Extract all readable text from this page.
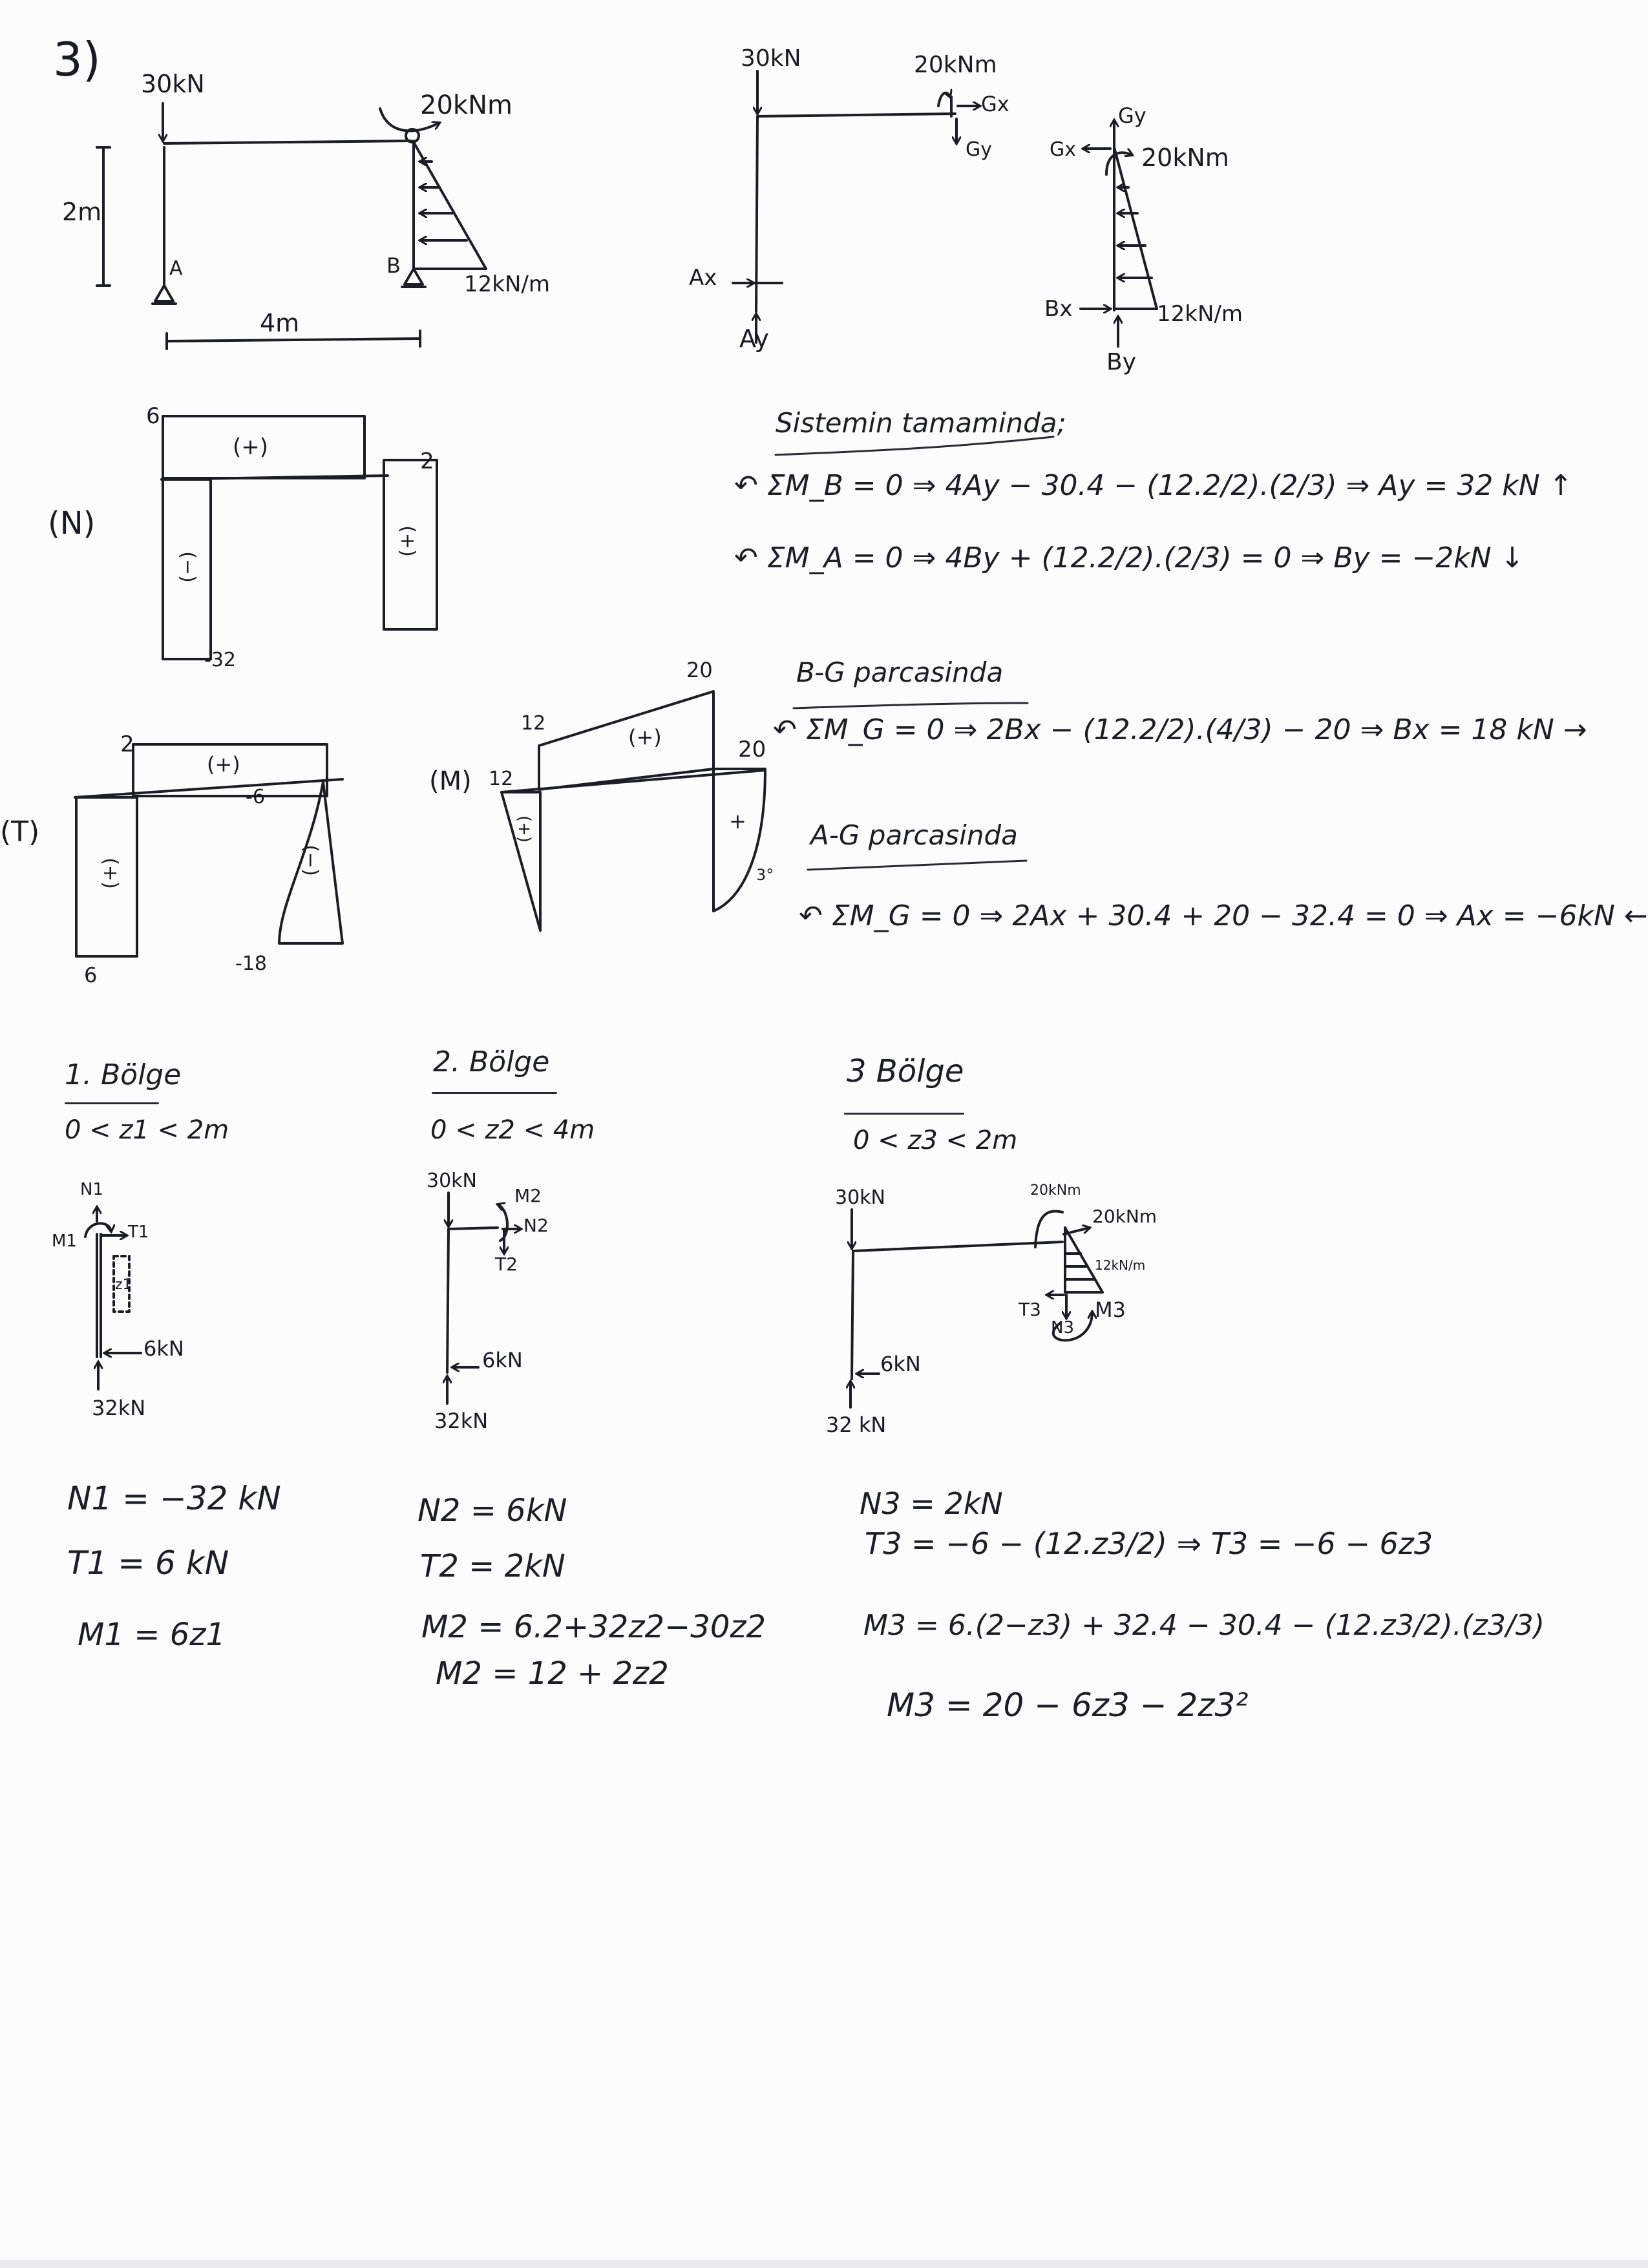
3) 30kN
20kNm
2m
4m
12kN/m
A	B
30kN	20kNm
Gx
Gy	Gx
Gy
20kNm
Ax
Ay
Bx
By
12kN/m
Sistemin tamaminda;
↶ ΣM_B = 0 ⇒ 4Ay − 30.4 − (12.2/2).(2/3) ⇒ Ay = 32 kN ↑
↶ ΣM_A = 0 ⇒ 4By + (12.2/2).(2/3) = 0 ⇒ By = −2kN ↓
B-G parcasinda
↶ ΣM_G = 0 ⇒ 2Bx − (12.2/2).(4/3) − 20 ⇒ Bx = 18 kN →
A-G parcasinda
↶ ΣM_G = 0 ⇒ 2Ax + 30.4 + 20 − 32.4 = 0 ⇒ Ax = −6kN ←
(N)
6
2
-32
(+)
(−)
(+)
(T)
2
-6
6	-18
(+)
(+)	(−)
(M)
12
12
20
20
(+)
(+)	+
3°
1. Bölge
0 < z1 < 2m
N1
M1	T1
z1
6kN
32kN
N1 = −32 kN
T1 = 6 kN
M1 = 6z1
2. Bölge
0 < z2 < 4m
30kN
M2
N2
T2
6kN
32kN
N2 = 6kN
T2 = 2kN
M2 = 6.2+32z2−30z2
M2 = 12 + 2z2
3 Bölge
0 < z3 < 2m
30kN	20kNm
20kNm
12kN/m
T3
N3
M3
6kN
32 kN
N3 = 2kN
T3 = −6 − (12.z3/2) ⇒ T3 = −6 − 6z3
M3 = 6.(2−z3) + 32.4 − 30.4 − (12.z3/2).(z3/3)
M3 = 20 − 6z3 − 2z3²
